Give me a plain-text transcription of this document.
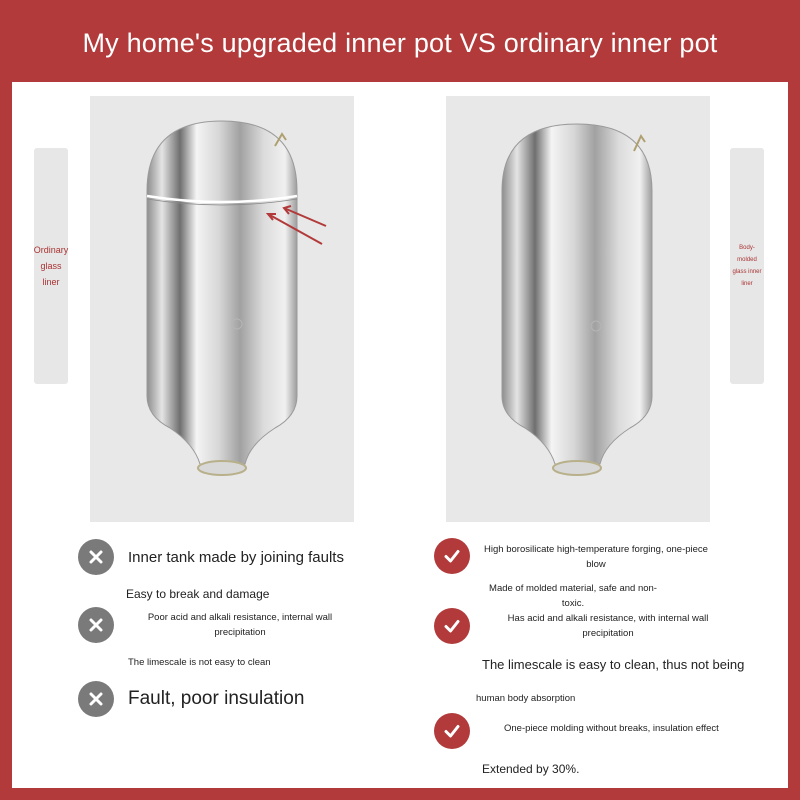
My home's upgraded inner pot VS ordinary inner pot
Ordinary glass liner
Body-molded glass inner liner
Inner tank made by joining faults
Easy to break and damage
Poor acid and alkali resistance, internal wall precipitation
The limescale is not easy to clean
Fault, poor insulation
High borosilicate high-temperature forging, one-piece blow
Made of molded material, safe and non-toxic.
Has acid and alkali resistance, with internal wall precipitation
The limescale is easy to clean, thus not being
human body absorption
One-piece molding without breaks, insulation effect
Extended by 30%.
